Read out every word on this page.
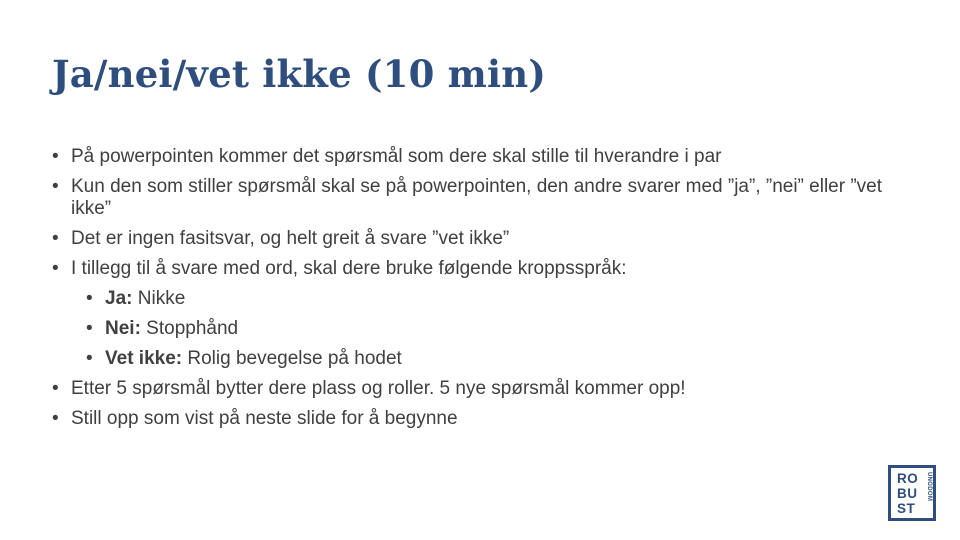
Ja/nei/vet ikke (10 min)
• På powerpointen kommer det spørsmål som dere skal stille til hverandre i par
• Kun den som stiller spørsmål skal se på powerpointen, den andre svarer med ”ja”, ”nei” eller ”vet ikke”
• Det er ingen fasitsvar, og helt greit å svare ”vet ikke”
• I tillegg til å svare med ord, skal dere bruke følgende kroppsspråk:
• Ja: Nikke
• Nei: Stopphånd
• Vet ikke: Rolig bevegelse på hodet
• Etter 5 spørsmål bytter dere plass og roller. 5 nye spørsmål kommer opp!
• Still opp som vist på neste slide for å begynne
RO
BU
ST
UNGDOM
